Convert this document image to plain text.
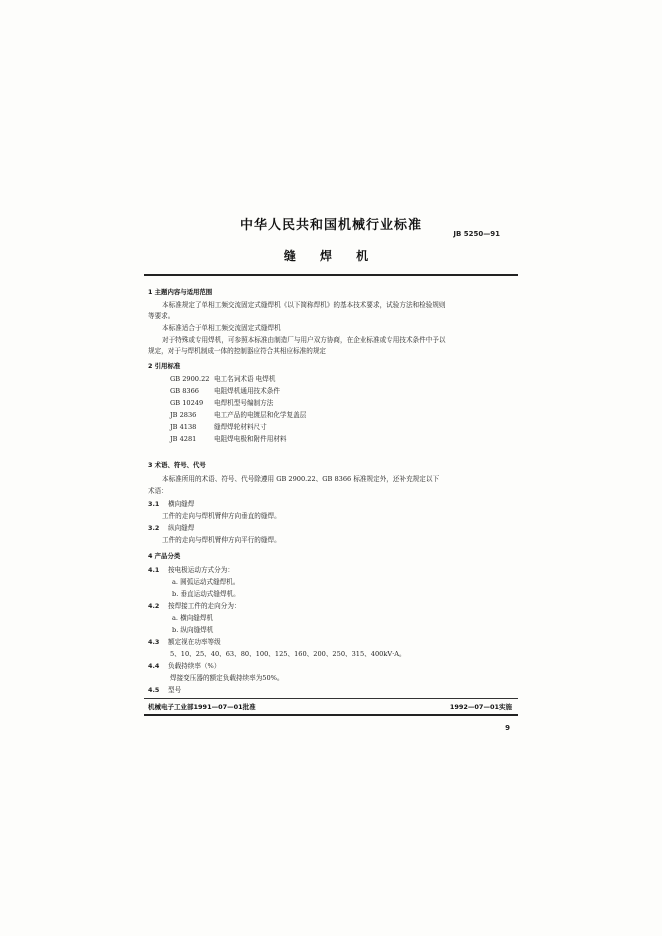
中华人民共和国机械行业标准
JB 5250—91
缝 焊 机
1 主题内容与适用范围
本标准规定了单相工频交流固定式缝焊机《以下简称焊机》的基本技术要求，试验方法和检验规则
等要求。
本标准适合于单相工频交流固定式缝焊机
对于特殊或专用焊机，可参照本标准由制造厂与用户双方协商，在企业标准或专用技术条件中予以
规定，对于与焊机制成一体的控制器应符合其相应标准的规定
2 引用标准
GB 2900.22 电工名词术语 电焊机
GB 8366 电阻焊机通用技术条件
GB 10249 电焊机型号编制方法
JB 2836	电工产品的电镀层和化学复盖层
JB 4138	缝焊焊轮材料尺寸
JB 4281	电阻焊电极和附件用材料
3 术语、符号、代号
本标准所用的术语、符号、代号除遵用 GB 2900.22、GB 8366 标准规定外，还补充规定以下
术语：
3.1 横向缝焊
工件的走向与焊机臂伸方向垂直的缝焊。
3.2 纵向缝焊
工件的走向与焊机臂伸方向平行的缝焊。
4 产品分类
4.1 按电极运动方式分为：
a. 圆弧运动式缝焊机。
b. 垂直运动式缝焊机。
4.2 按焊接工件的走向分为：
a. 横向缝焊机
b. 纵向缝焊机
4.3 额定视在功率等级
5、10、25、40、63、80、100、125、160、200、250、315、400kV·A。
4.4 负载持续率（%）
焊接变压器的额定负载持续率为50%。
4.5 型号
机械电子工业部1991—07—01批准	1992—07—01实施
9
